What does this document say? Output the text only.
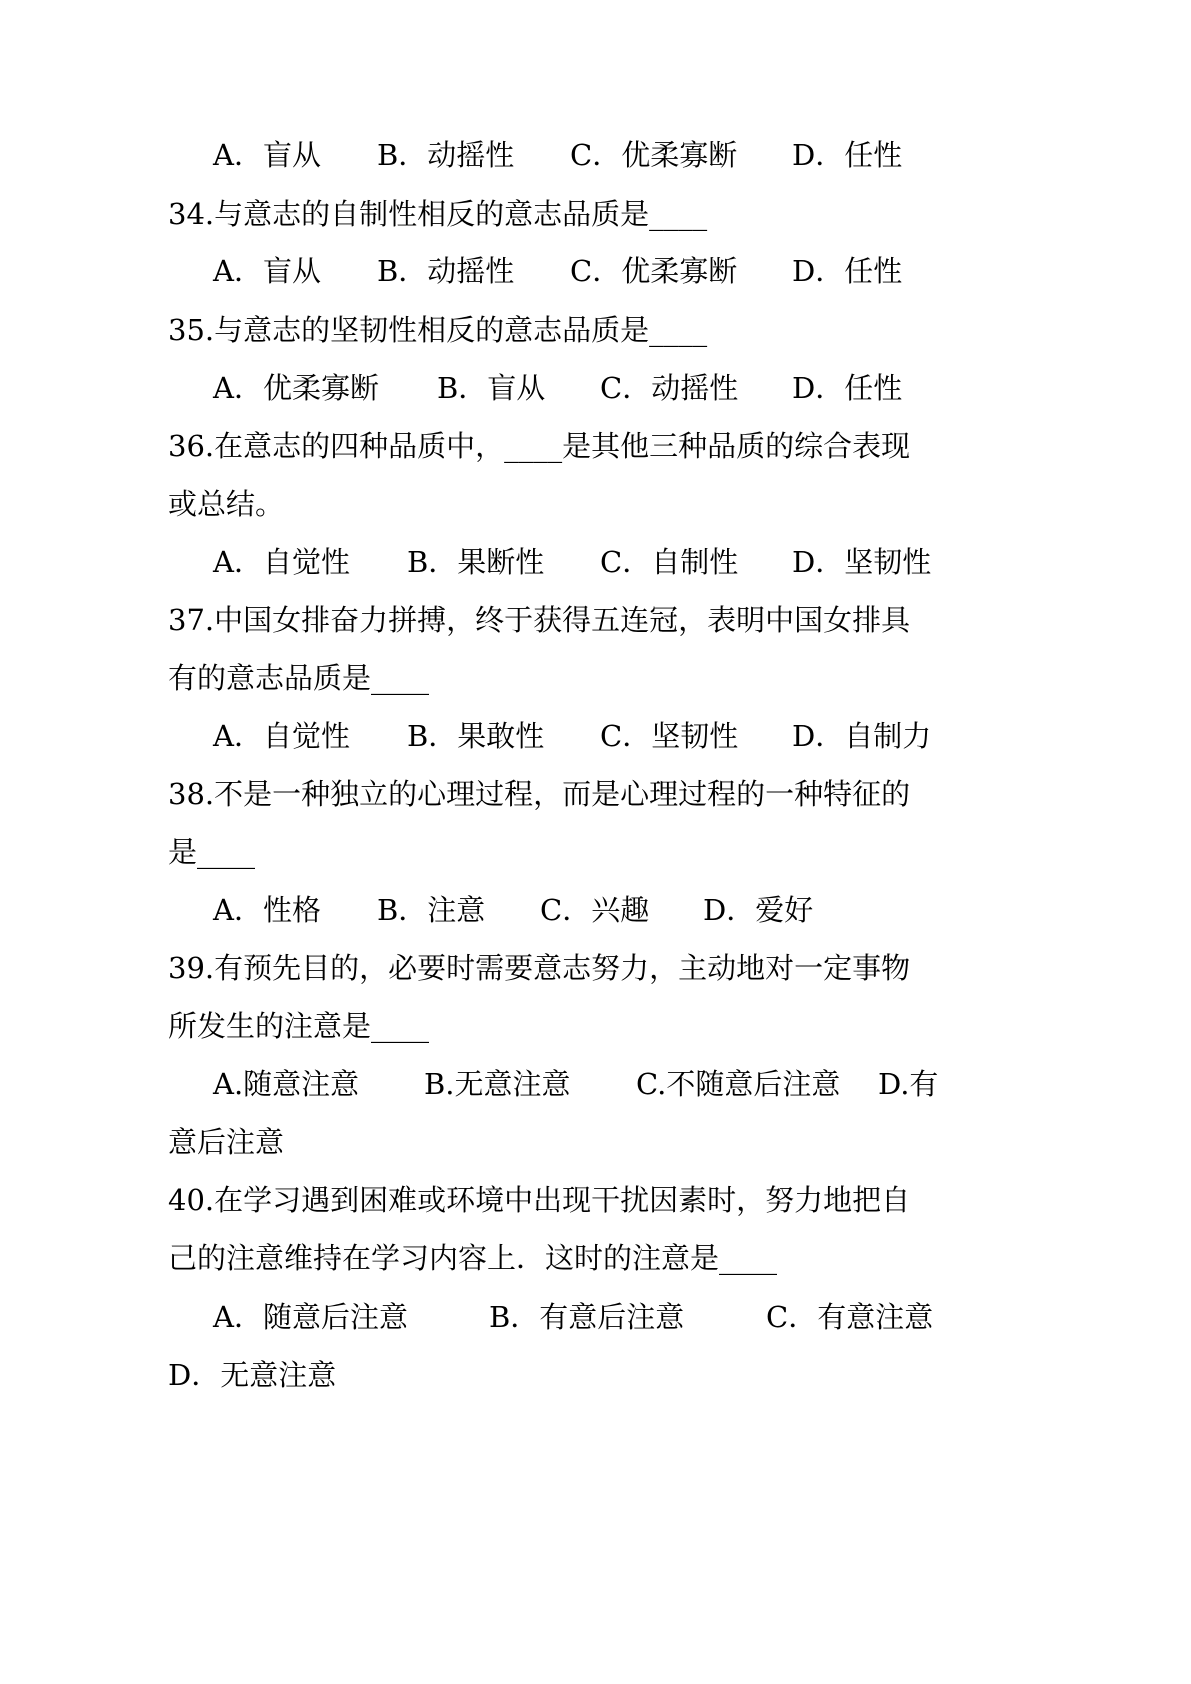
A．盲从 B．动摇性 C．优柔寡断 D．任性
34.与意志的自制性相反的意志品质是____
A．盲从 B．动摇性 C．优柔寡断 D．任性
35.与意志的坚韧性相反的意志品质是____
A．优柔寡断 B．盲从 C．动摇性 D．任性
36.在意志的四种品质中，____是其他三种品质的综合表现
或总结。
A．自觉性 B．果断性 C．自制性 D．坚韧性
37.中国女排奋力拼搏，终于获得五连冠，表明中国女排具
有的意志品质是____
A．自觉性 B．果敢性 C．坚韧性 D．自制力
38.不是一种独立的心理过程，而是心理过程的一种特征的
是____
A．性格 B．注意 C．兴趣 D．爱好
39.有预先目的，必要时需要意志努力，主动地对一定事物
所发生的注意是____
A.随意注意 B.无意注意 C.不随意后注意 D.有
意后注意
40.在学习遇到困难或环境中出现干扰因素时，努力地把自
己的注意维持在学习内容上．这时的注意是____
A．随意后注意	B．有意后注意	C．有意注意
D．无意注意
